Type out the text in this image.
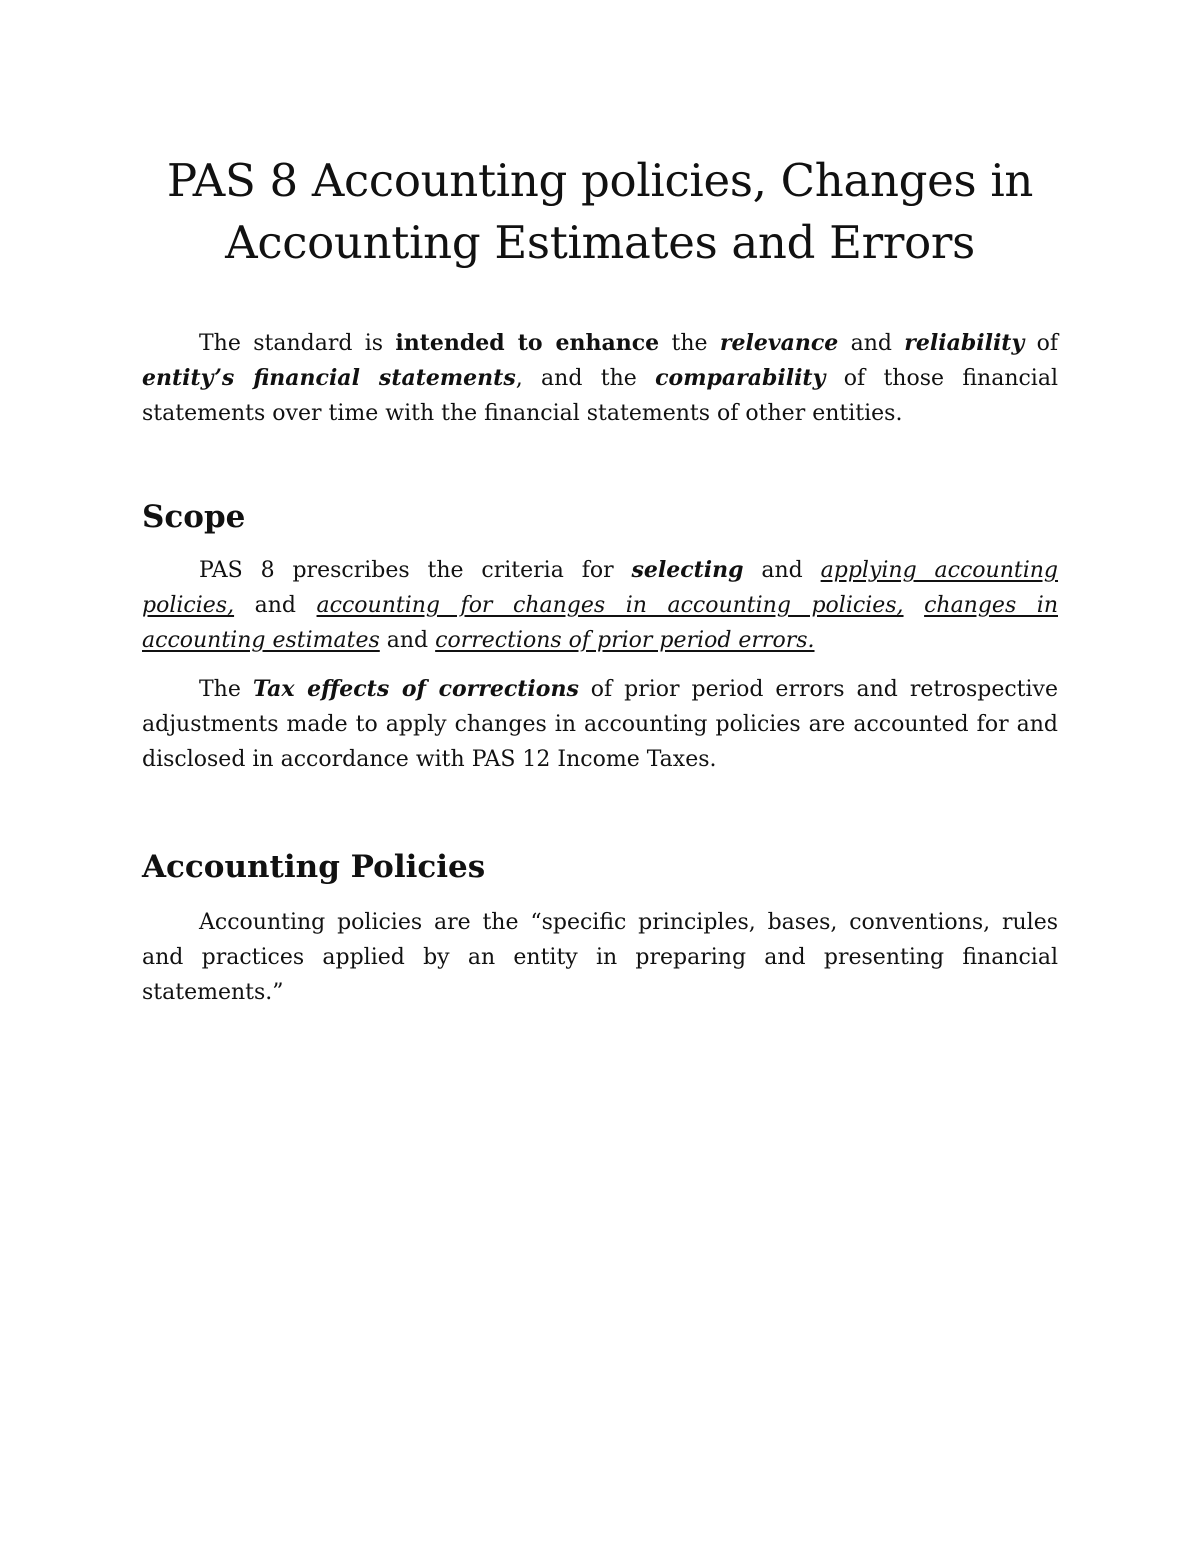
PAS 8 Accounting policies, Changes in
Accounting Estimates and Errors

The standard is intended to enhance the relevance and reliability of entity’s financial statements, and the comparability of those financial statements over time with the financial statements of other entities.

Scope

PAS 8 prescribes the criteria for selecting and applying accounting policies, and accounting for changes in accounting policies, changes in accounting estimates and corrections of prior period errors.

The Tax effects of corrections of prior period errors and retrospective adjustments made to apply changes in accounting policies are accounted for and disclosed in accordance with PAS 12 Income Taxes.

Accounting Policies

Accounting policies are the “specific principles, bases, conventions, rules and practices applied by an entity in preparing and presenting financial statements.”
